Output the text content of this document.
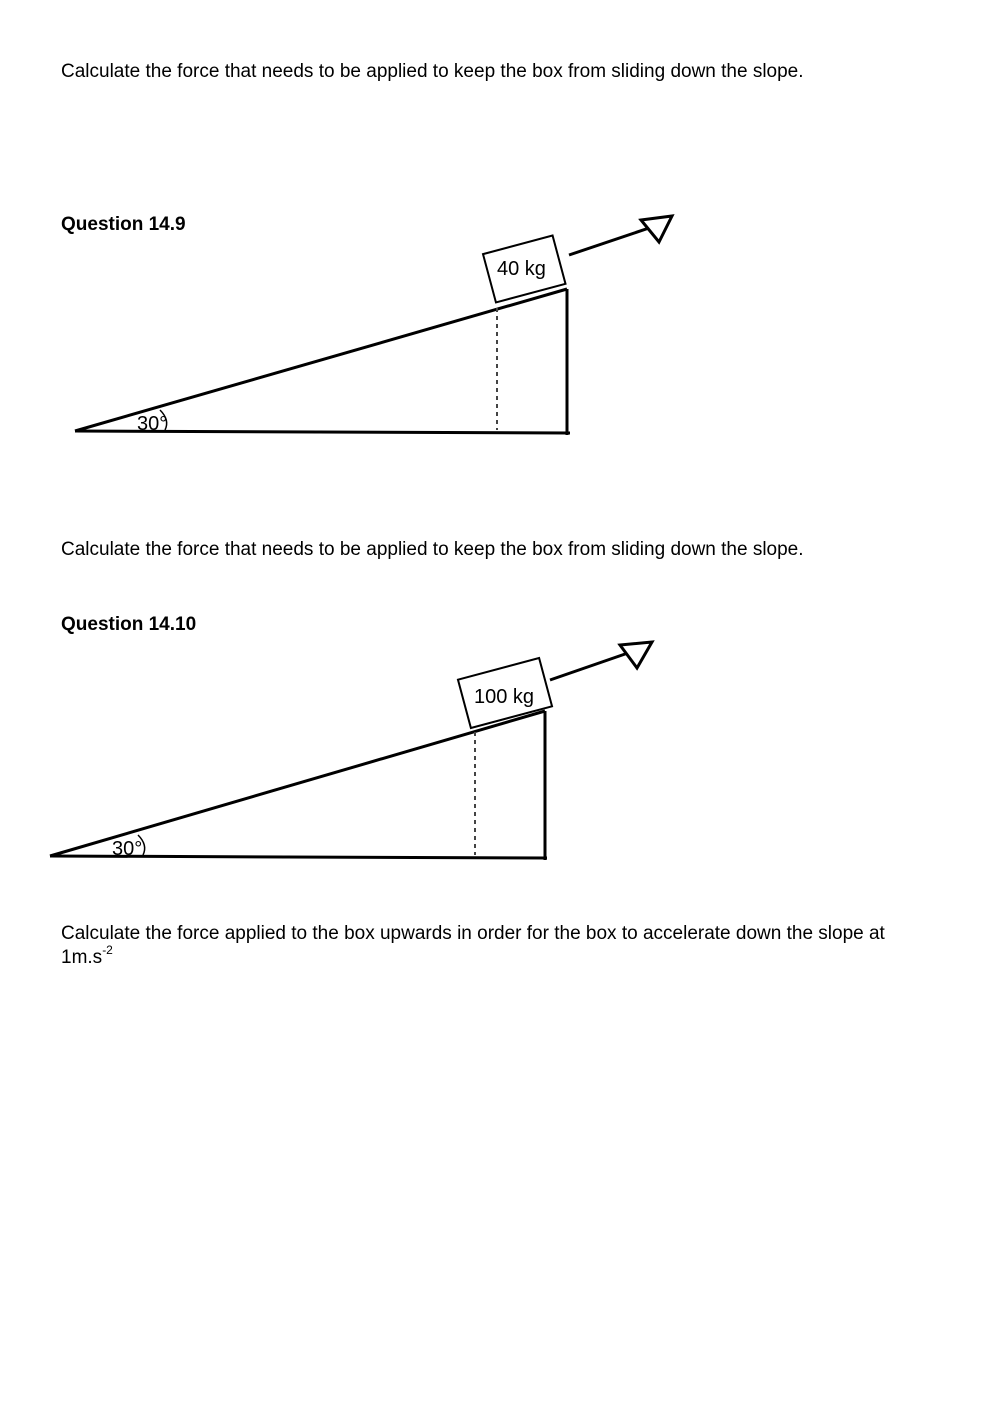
Calculate the force that needs to be applied to keep the box from sliding down the slope.

Question 14.9

30°
40 kg

Calculate the force that needs to be applied to keep the box from sliding down the slope.

Question 14.10

30°
100 kg

Calculate the force applied to the box upwards in order for the box to accelerate down the slope at
$1m.s^{-2}$
